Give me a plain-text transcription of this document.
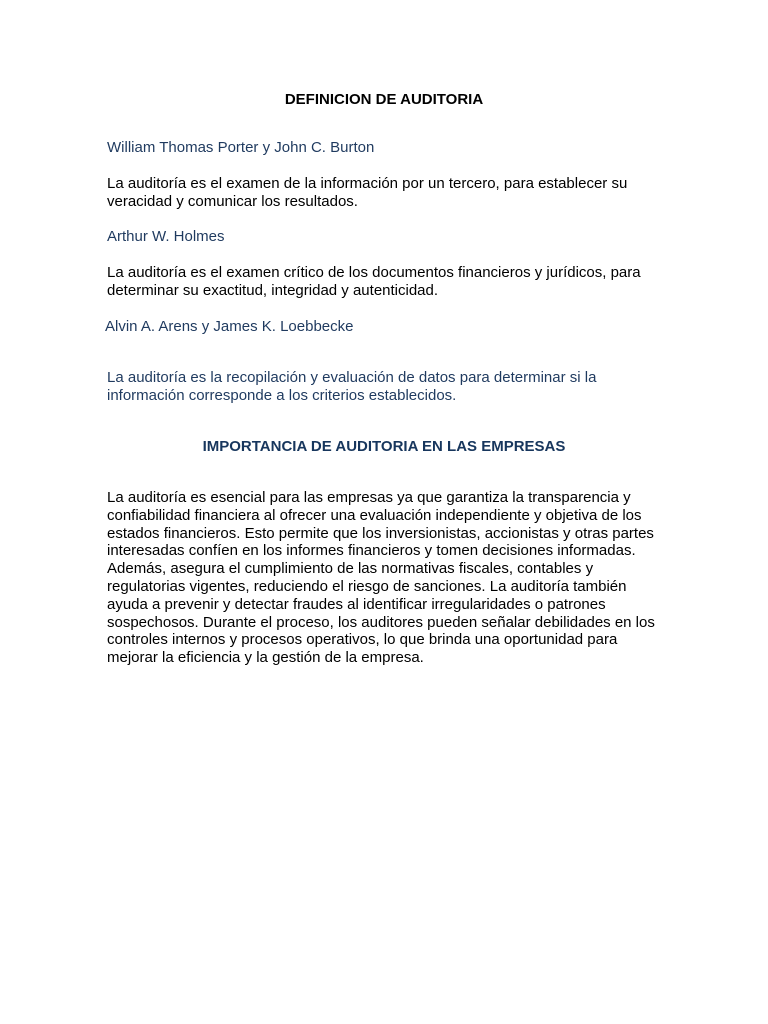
DEFINICION DE AUDITORIA

William Thomas Porter y John C. Burton

La auditoría es el examen de la información por un tercero, para establecer su veracidad y comunicar los resultados.

Arthur W. Holmes

La auditoría es el examen crítico de los documentos financieros y jurídicos, para determinar su exactitud, integridad y autenticidad.

Alvin A. Arens y James K. Loebbecke

La auditoría es la recopilación y evaluación de datos para determinar si la información corresponde a los criterios establecidos.

IMPORTANCIA DE AUDITORIA EN LAS EMPRESAS

La auditoría es esencial para las empresas ya que garantiza la transparencia y confiabilidad financiera al ofrecer una evaluación independiente y objetiva de los estados financieros. Esto permite que los inversionistas, accionistas y otras partes interesadas confíen en los informes financieros y tomen decisiones informadas. Además, asegura el cumplimiento de las normativas fiscales, contables y regulatorias vigentes, reduciendo el riesgo de sanciones. La auditoría también ayuda a prevenir y detectar fraudes al identificar irregularidades o patrones sospechosos. Durante el proceso, los auditores pueden señalar debilidades en los controles internos y procesos operativos, lo que brinda una oportunidad para mejorar la eficiencia y la gestión de la empresa.
